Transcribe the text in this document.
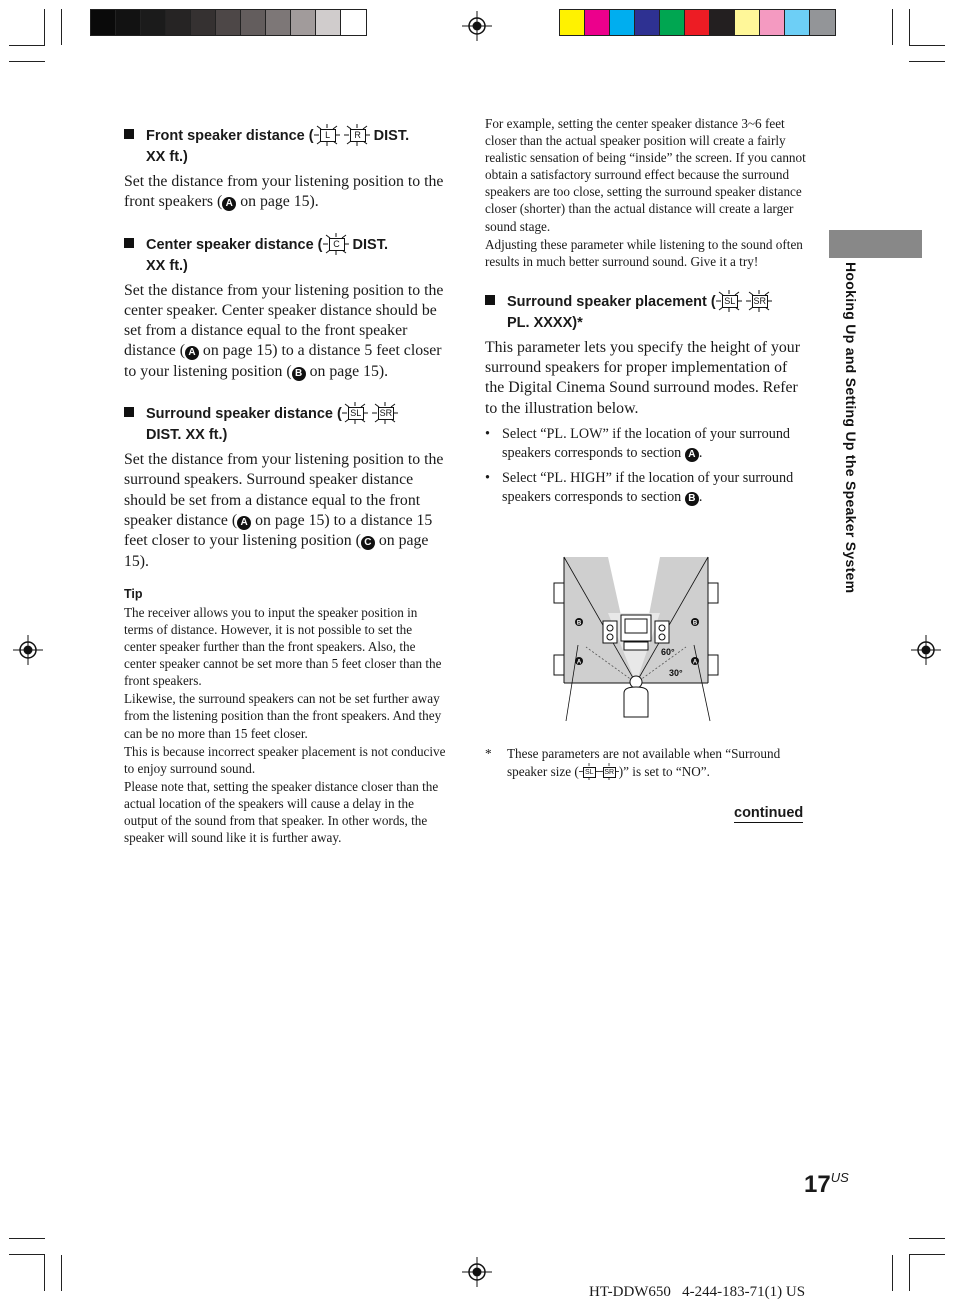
Hooking Up and Setting Up the Speaker System
Front speaker distance (	L
	R DIST.
XX ft.)

Set the distance from your listening position to the front speakers ( A on page 15).

Center speaker distance (	C DIST.
XX ft.)

Set the distance from your listening position to the center speaker. Center speaker distance should be set from a distance equal to the front speaker distance ( A on page 15) to a distance 5 feet closer to your listening position ( B on page 15).

Surround speaker distance ( SL
SR

DIST. XX ft.)

Set the distance from your listening position to the surround speakers. Surround speaker distance should be set from a distance equal to the front speaker distance ( A on page 15) to a distance 15 feet closer to your listening position ( C on page 15).

Tip

The receiver allows you to input the speaker position in terms of distance. However, it is not possible to set the center speaker further than the front speakers. Also, the center speaker cannot be set more than 5 feet closer than the front speakers.

Likewise, the surround speakers can not be set further away from the listening position than the front speakers. And they can be no more than 15 feet closer.

This is because incorrect speaker placement is not conducive to enjoy surround sound.

Please note that, setting the speaker distance closer than the actual location of the speakers will cause a delay in the output of the sound from that speaker. In other words, the speaker will sound like it is further away.

For example, setting the center speaker distance 3~6 feet closer than the actual speaker position will create a fairly realistic sensation of being “inside” the screen. If you cannot obtain a satisfactory surround effect because the surround speakers are too close, setting the surround speaker distance closer (shorter) than the actual distance will create a larger sound stage.

Adjusting these parameter while listening to the sound often results in much better surround sound. Give it a try!

Surround speaker placement ( SL
SR

PL. XXXX)*

This parameter lets you specify the height of your surround speakers for proper implementation of the Digital Cinema Sound surround modes. Refer to the illustration below.

• Select “PL. LOW” if the location of your surround speakers corresponds to section A .

• Select “PL. HIGH” if the location of your surround speakers corresponds to section B .

B	B
A	A
60°
30°
*	These parameters are not available when “Surround speaker size ( SL	SR )” is set to “NO”.
continued
$17^{US}$
HT-DDW650   4-244-183-71(1) US
